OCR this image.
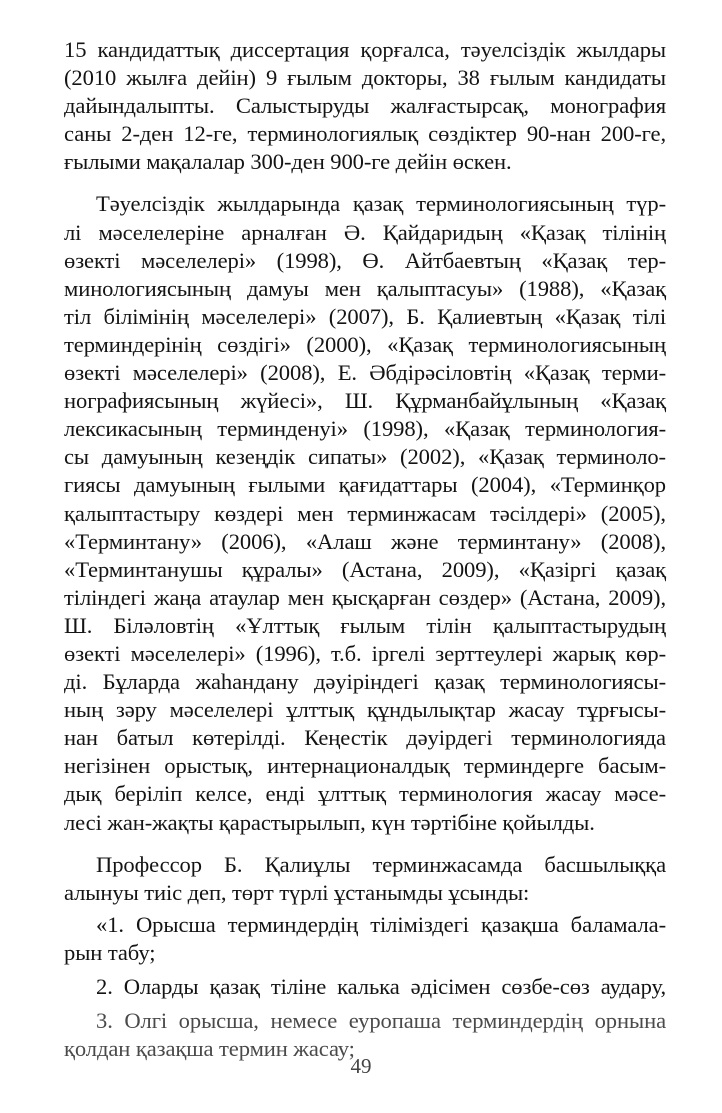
15 кандидаттық диссертация қорғалса, тәуелсіздік жылдары
(2010 жылға дейін) 9 ғылым докторы, 38 ғылым кандидаты
дайындалыпты. Салыстыруды жалғастырсақ, монография
саны 2-ден 12-ге, терминологиялық сөздіктер 90-нан 200-ге,
ғылыми мақалалар 300-ден 900-ге дейін өскен.
Тәуелсіздік жылдарында қазақ терминологиясының түр-
лі мәселелеріне арналған Ә. Қайдаридың «Қазақ тілінің
өзекті мәселелері» (1998), Ө. Айтбаевтың «Қазақ тер-
минологиясының дамуы мен қалыптасуы» (1988), «Қазақ
тіл білімінің мәселелері» (2007), Б. Қалиевтың «Қазақ тілі
терминдерінің сөздігі» (2000), «Қазақ терминологиясының
өзекті мәселелері» (2008), Е. Әбдірәсіловтің «Қазақ терми-
нографиясының жүйесі», Ш. Құрманбайұлының «Қазақ
лексикасының терминденуі» (1998), «Қазақ терминология-
сы дамуының кезеңдік сипаты» (2002), «Қазақ терминоло-
гиясы дамуының ғылыми қағидаттары (2004), «Терминқор
қалыптастыру көздері мен терминжасам тәсілдері» (2005),
«Терминтану» (2006), «Алаш және терминтану» (2008),
«Терминтанушы құралы» (Астана, 2009), «Қазіргі қазақ
тіліндегі жаңа атаулар мен қысқарған сөздер» (Астана, 2009),
Ш. Біләловтің «Ұлттық ғылым тілін қалыптастырудың
өзекті мәселелері» (1996), т.б. іргелі зерттеулері жарық көр-
ді. Бұларда жаһандану дәуіріндегі қазақ терминологиясы-
ның зәру мәселелері ұлттық құндылықтар жасау тұрғысы-
нан батыл көтерілді. Кеңестік дәуірдегі терминологияда
негізінен орыстық, интернационалдық терминдерге басым-
дық беріліп келсе, енді ұлттық терминология жасау мәсе-
лесі жан-жақты қарастырылып, күн тәртібіне қойылды.
Профессор Б. Қалиұлы терминжасамда басшылыққа
алынуы тиіс деп, төрт түрлі ұстанымды ұсынды:
«1. Орысша терминдердің тіліміздегі қазақша баламала-
рын табу;
2. Оларды қазақ тіліне калька әдісімен сөзбе-сөз аудару,
3. Олгі орысша, немесе еуропаша терминдердің орнына
қолдан қазақша термин жасау;
49
